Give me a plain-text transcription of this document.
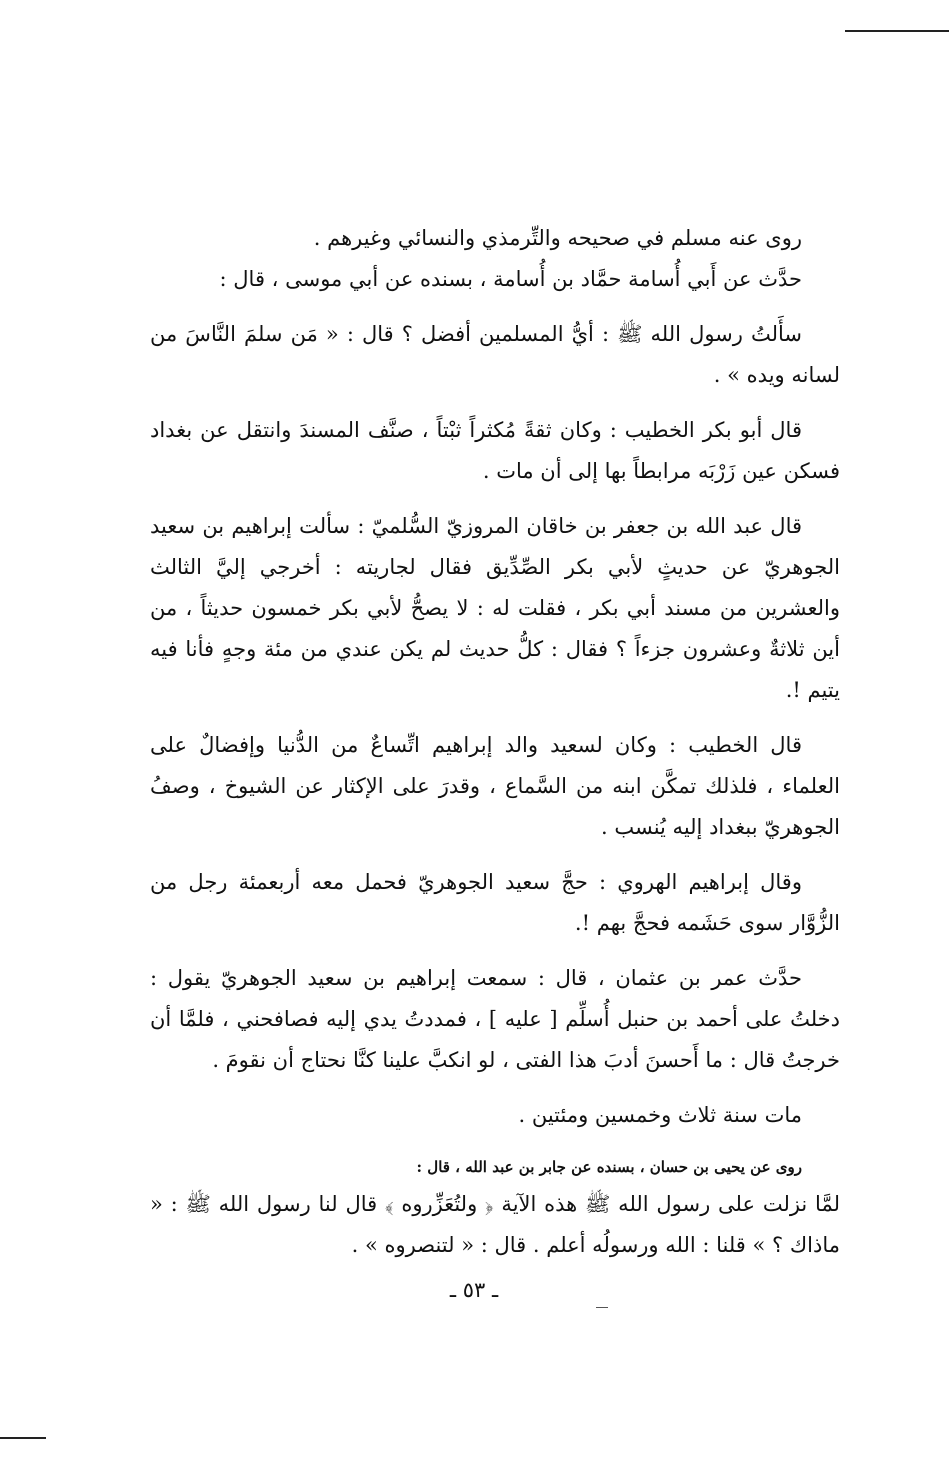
روى عنه مسلم في صحيحه والتِّرمذي والنسائي وغيرهم .

حدَّث عن أَبي أُسامة حمَّاد بن أُسامة ، بسنده عن أبي موسى ، قال :

سأَلتُ رسول الله ﷺ : أيُّ المسلمين أفضل ؟ قال : « مَن سلمَ النَّاسَ من لسانه ويده » .

قال أبو بكر الخطيب : وكان ثقةً مُكثراً ثبْتاً ، صنَّف المسندَ وانتقل عن بغداد فسكن عين زَرْبَه مرابطاً بها إلى أن مات .

قال عبد الله بن جعفر بن خاقان المروزيّ السُّلميّ : سألت إبراهيم بن سعيد الجوهريّ عن حديثٍ لأبي بكر الصِّدِّيق فقال لجاريته : أخرجي إليَّ الثالث والعشرين من مسند أبي بكر ، فقلت له : لا يصحُّ لأبي بكر خمسون حديثاً ، من أين ثلاثةٌ وعشرون جزءاً ؟ فقال : كلُّ حديث لم يكن عندي من مئة وجهٍ فأنا فيه يتيم !.

قال الخطيب : وكان لسعيد والد إبراهيم اتِّساعٌ من الدُّنيا وإفضالٌ على العلماء ، فلذلك تمكَّن ابنه من السَّماع ، وقدرَ على الإكثار عن الشيوخ ، وصفُ الجوهريّ ببغداد إليه يُنسب .

وقال إبراهيم الهروي : حجَّ سعيد الجوهريّ فحمل معه أربعمئة رجل من الزُّوَّار سوى حَشَمه فحجَّ بهم !.

حدَّث عمر بن عثمان ، قال : سمعت إبراهيم بن سعيد الجوهريّ يقول : دخلتُ على أحمد بن حنبل أُسلِّم [ عليه ] ، فمددتُ يدي إليه فصافحني ، فلمَّا أن خرجتُ قال : ما أَحسنَ أدبَ هذا الفتى ، لو انكبَّ علينا كنَّا نحتاج أن نقومَ .

مات سنة ثلاث وخمسين ومئتين .

روى عن يحيى بن حسان ، بسنده عن جابر بن عبد الله ، قال :

لمَّا نزلت على رسول الله ﷺ هذه الآية ﴿ ولتُعَزِّروه ﴾ قال لنا رسول الله ﷺ : « ماذاك ؟ » قلنا : الله ورسولُه أعلم . قال : « لتنصروه » .

ـ ٥٣ ـ
